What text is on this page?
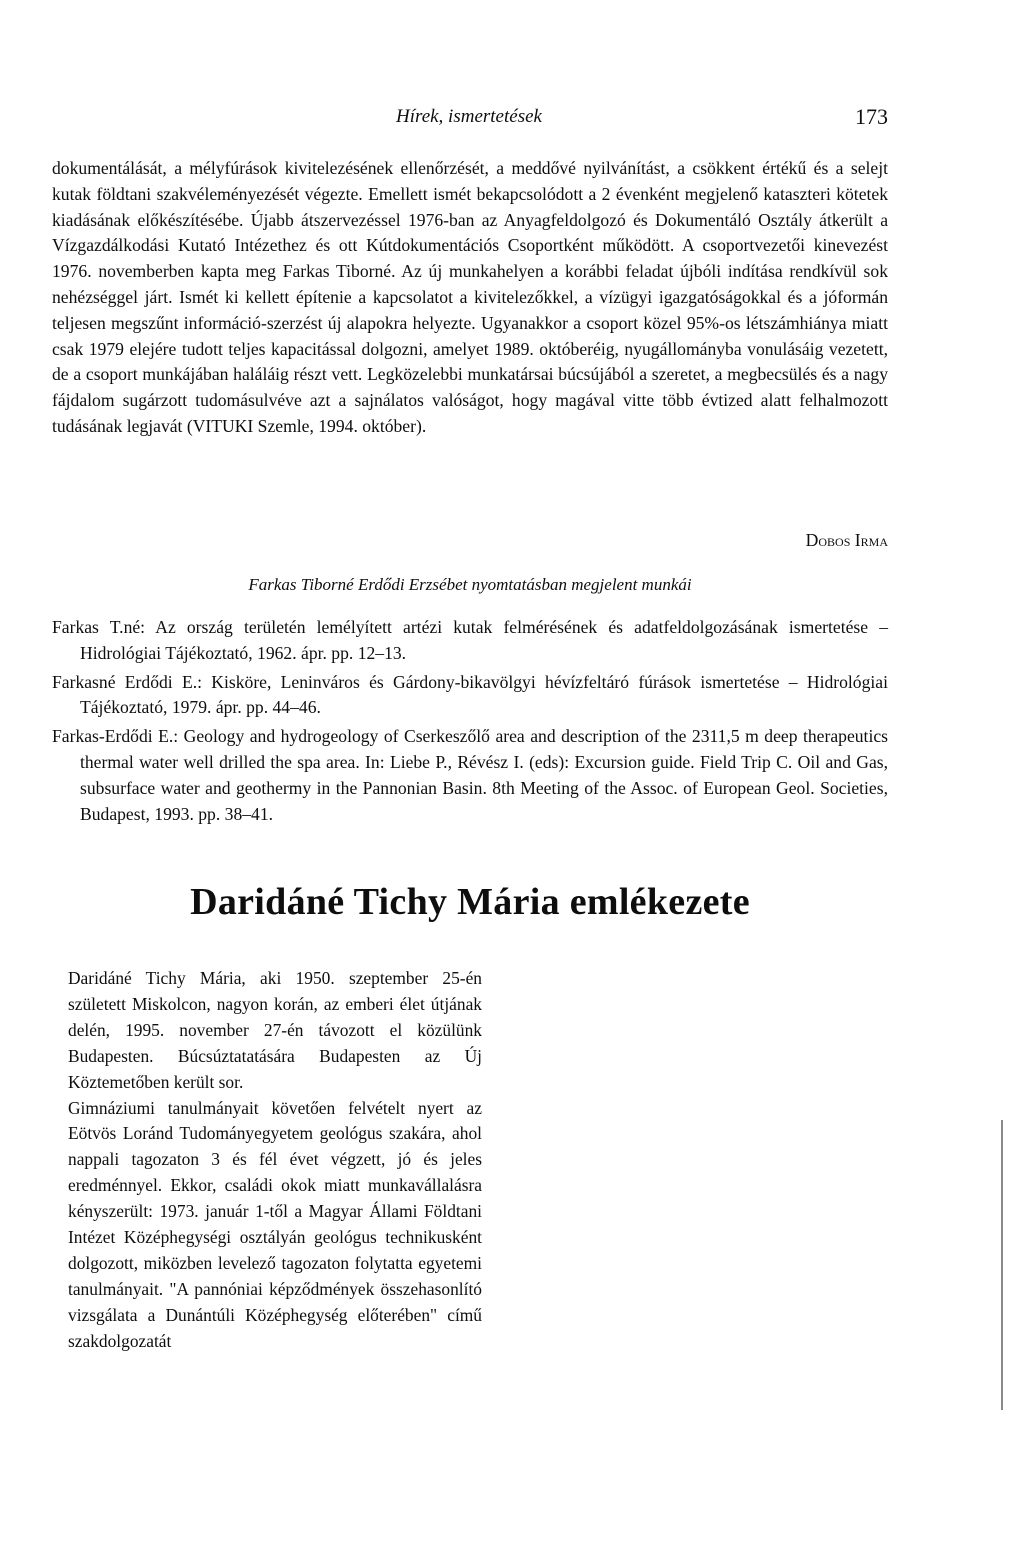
Hírek, ismertetések	173

dokumentálását, a mélyfúrások kivitelezésének ellenőrzését, a meddővé nyilvánítást, a csökkent értékű és a selejt kutak földtani szakvéleményezését végezte. Emellett ismét bekapcsolódott a 2 évenként megjelenő kataszteri kötetek kiadásának előkészítésébe. Újabb átszervezéssel 1976-ban az Anyagfeldolgozó és Dokumentáló Osztály átkerült a Vízgazdálkodási Kutató Intézethez és ott Kútdokumentációs Csoportként működött. A csoportvezetői kinevezést 1976. novemberben kapta meg Farkas Tiborné. Az új munkahelyen a korábbi feladat újbóli indítása rendkívül sok nehézséggel járt. Ismét ki kellett építenie a kapcsolatot a kivitelezőkkel, a vízügyi igazgatóságokkal és a jóformán teljesen megszűnt információ-szerzést új alapokra helyezte. Ugyanakkor a csoport közel 95%-os létszámhiánya miatt csak 1979 elejére tudott teljes kapacitással dolgozni, amelyet 1989. októberéig, nyugállományba vonulásáig vezetett, de a csoport munkájában haláláig részt vett. Legközelebbi munkatársai búcsújából a szeretet, a megbecsülés és a nagy fájdalom sugárzott tudomásulvéve azt a sajnálatos valóságot, hogy magával vitte több évtized alatt felhalmozott tudásának legjavát (VITUKI Szemle, 1994. október).

Dobos Irma
Farkas Tiborné Erdődi Erzsébet nyomtatásban megjelent munkái
Farkas T.né: Az ország területén lemélyített artézi kutak felmérésének és adatfeldolgozásának ismertetése – Hidrológiai Tájékoztató, 1962. ápr. pp. 12–13.
Farkasné Erdődi E.: Kisköre, Leninváros és Gárdony-bikavölgyi hévízfeltáró fúrások ismertetése – Hidrológiai Tájékoztató, 1979. ápr. pp. 44–46.
Farkas-Erdődi E.: Geology and hydrogeology of Cserkeszőlő area and description of the 2311,5 m deep therapeutics thermal water well drilled the spa area. In: Liebe P., Révész I. (eds): Excursion guide. Field Trip C. Oil and Gas, subsurface water and geothermy in the Pannonian Basin. 8th Meeting of the Assoc. of European Geol. Societies, Budapest, 1993. pp. 38–41.
Daridáné Tichy Mária emlékezete

Daridáné Tichy Mária, aki 1950. szeptember 25-én született Miskolcon, nagyon korán, az emberi élet útjának delén, 1995. november 27-én távozott el közülünk Budapesten. Búcsúztatatására Budapesten az Új Köztemetőben került sor.

Gimnáziumi tanulmányait követően felvételt nyert az Eötvös Loránd Tudományegyetem geológus szakára, ahol nappali tagozaton 3 és fél évet végzett, jó és jeles eredménnyel. Ekkor, családi okok miatt munkavállalásra kényszerült: 1973. január 1-től a Magyar Állami Földtani Intézet Középhegységi osztályán geológus technikusként dolgozott, miközben levelező tagozaton folytatta egyetemi tanulmányait. "A pannóniai képződmények összehasonlító vizsgálata a Dunántúli Középhegység előterében" című szakdolgozatát
